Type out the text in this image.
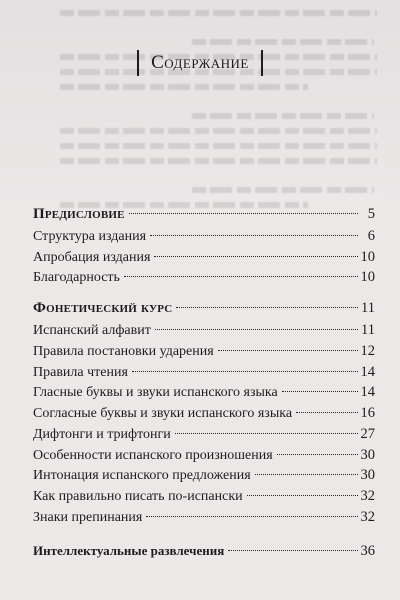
Содержание
Предисловие	5
Структура издания	6
Апробация издания	10
Благодарность	10
Фонетический курс	11
Испанский алфавит	11
Правила постановки ударения	12
Правила чтения	14
Гласные буквы и звуки испанского языка	14
Согласные буквы и звуки испанского языка	16
Дифтонги и трифтонги	27
Особенности испанского произношения	30
Интонация испанского предложения	30
Как правильно писать по-испански	32
Знаки препинания	32
Интеллектуальные развлечения	36
